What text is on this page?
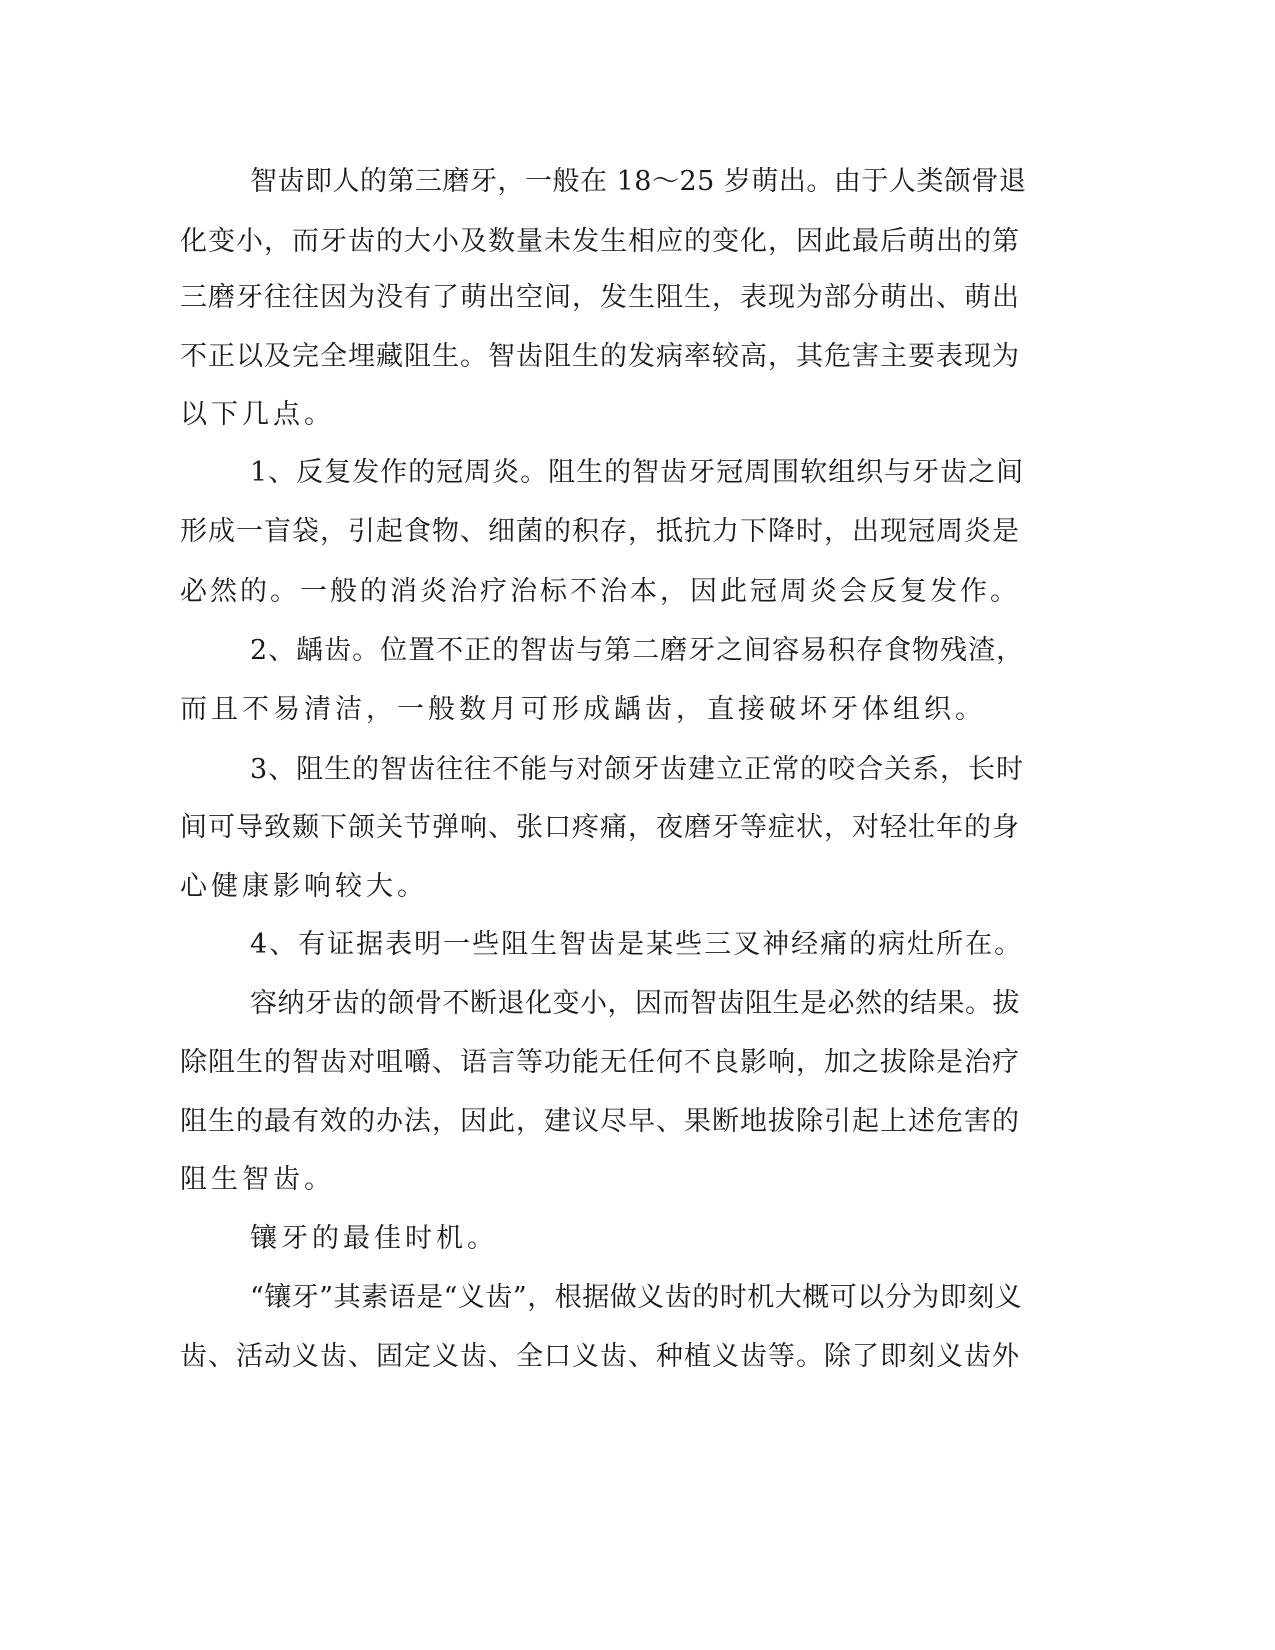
智齿即人的第三磨牙，一般在 18～25 岁萌出。由于人类颌骨退
化变小，而牙齿的大小及数量未发生相应的变化，因此最后萌出的第
三磨牙往往因为没有了萌出空间，发生阻生，表现为部分萌出、萌出
不正以及完全埋藏阻生。智齿阻生的发病率较高，其危害主要表现为
以下几点。
1、反复发作的冠周炎。阻生的智齿牙冠周围软组织与牙齿之间
形成一盲袋，引起食物、细菌的积存，抵抗力下降时，出现冠周炎是
必然的。一般的消炎治疗治标不治本，因此冠周炎会反复发作。
2、龋齿。位置不正的智齿与第二磨牙之间容易积存食物残渣，
而且不易清洁，一般数月可形成龋齿，直接破坏牙体组织。
3、阻生的智齿往往不能与对颌牙齿建立正常的咬合关系，长时
间可导致颞下颌关节弹响、张口疼痛，夜磨牙等症状，对轻壮年的身
心健康影响较大。
4、有证据表明一些阻生智齿是某些三叉神经痛的病灶所在。
容纳牙齿的颌骨不断退化变小，因而智齿阻生是必然的结果。拔
除阻生的智齿对咀嚼、语言等功能无任何不良影响，加之拔除是治疗
阻生的最有效的办法，因此，建议尽早、果断地拔除引起上述危害的
阻生智齿。
镶牙的最佳时机。
“镶牙”其素语是“义齿”，根据做义齿的时机大概可以分为即刻义
齿、活动义齿、固定义齿、全口义齿、种植义齿等。除了即刻义齿外
